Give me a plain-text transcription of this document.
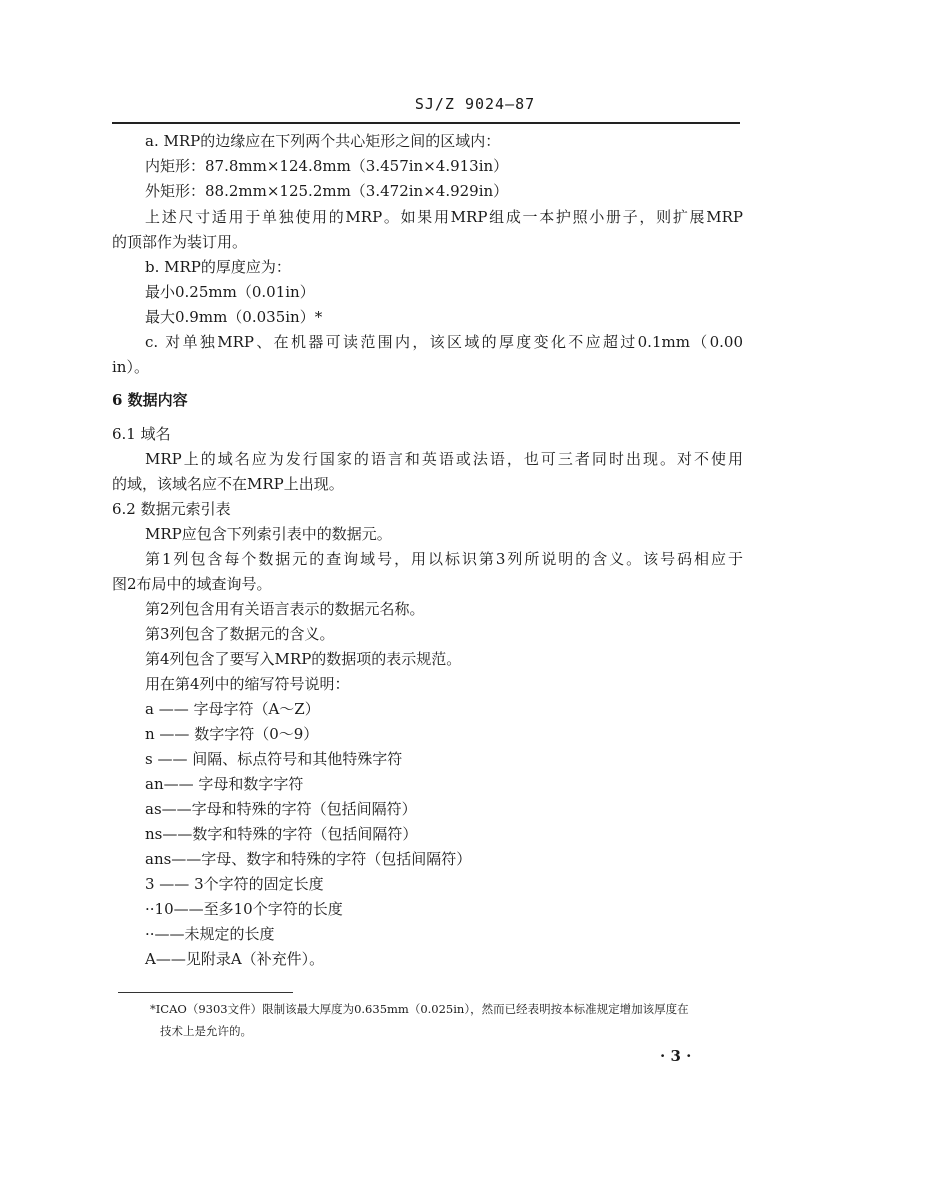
SJ/Z 9024—87
a. MRP的边缘应在下列两个共心矩形之间的区域内：
内矩形：87.8mm×124.8mm（3.457in×4.913in）
外矩形：88.2mm×125.2mm（3.472in×4.929in）
上述尺寸适用于单独使用的MRP。如果用MRP组成一本护照小册子，则扩展MRP
的顶部作为装订用。
b. MRP的厚度应为：
最小0.25mm（0.01in）
最大0.9mm（0.035in）*
c. 对单独MRP、在机器可读范围内，该区域的厚度变化不应超过0.1mm（0.00
in）。
6 数据内容
6.1 域名
MRP上的域名应为发行国家的语言和英语或法语，也可三者同时出现。对不使用
的域，该域名应不在MRP上出现。
6.2 数据元索引表
MRP应包含下列索引表中的数据元。
第1列包含每个数据元的查询域号，用以标识第3列所说明的含义。该号码相应于
图2布局中的域查询号。
第2列包含用有关语言表示的数据元名称。
第3列包含了数据元的含义。
第4列包含了要写入MRP的数据项的表示规范。
用在第4列中的缩写符号说明：
a —— 字母字符（A～Z）
n —— 数字字符（0～9）
s —— 间隔、标点符号和其他特殊字符
an—— 字母和数字字符
as——字母和特殊的字符（包括间隔符）
ns——数字和特殊的字符（包括间隔符）
ans——字母、数字和特殊的字符（包括间隔符）
3 —— 3个字符的固定长度
··10——至多10个字符的长度
··——未规定的长度
A——见附录A（补充件）。
*ICAO（9303文件）限制该最大厚度为0.635mm（0.025in），然而已经表明按本标准规定增加该厚度在
技术上是允许的。
· 3 ·
